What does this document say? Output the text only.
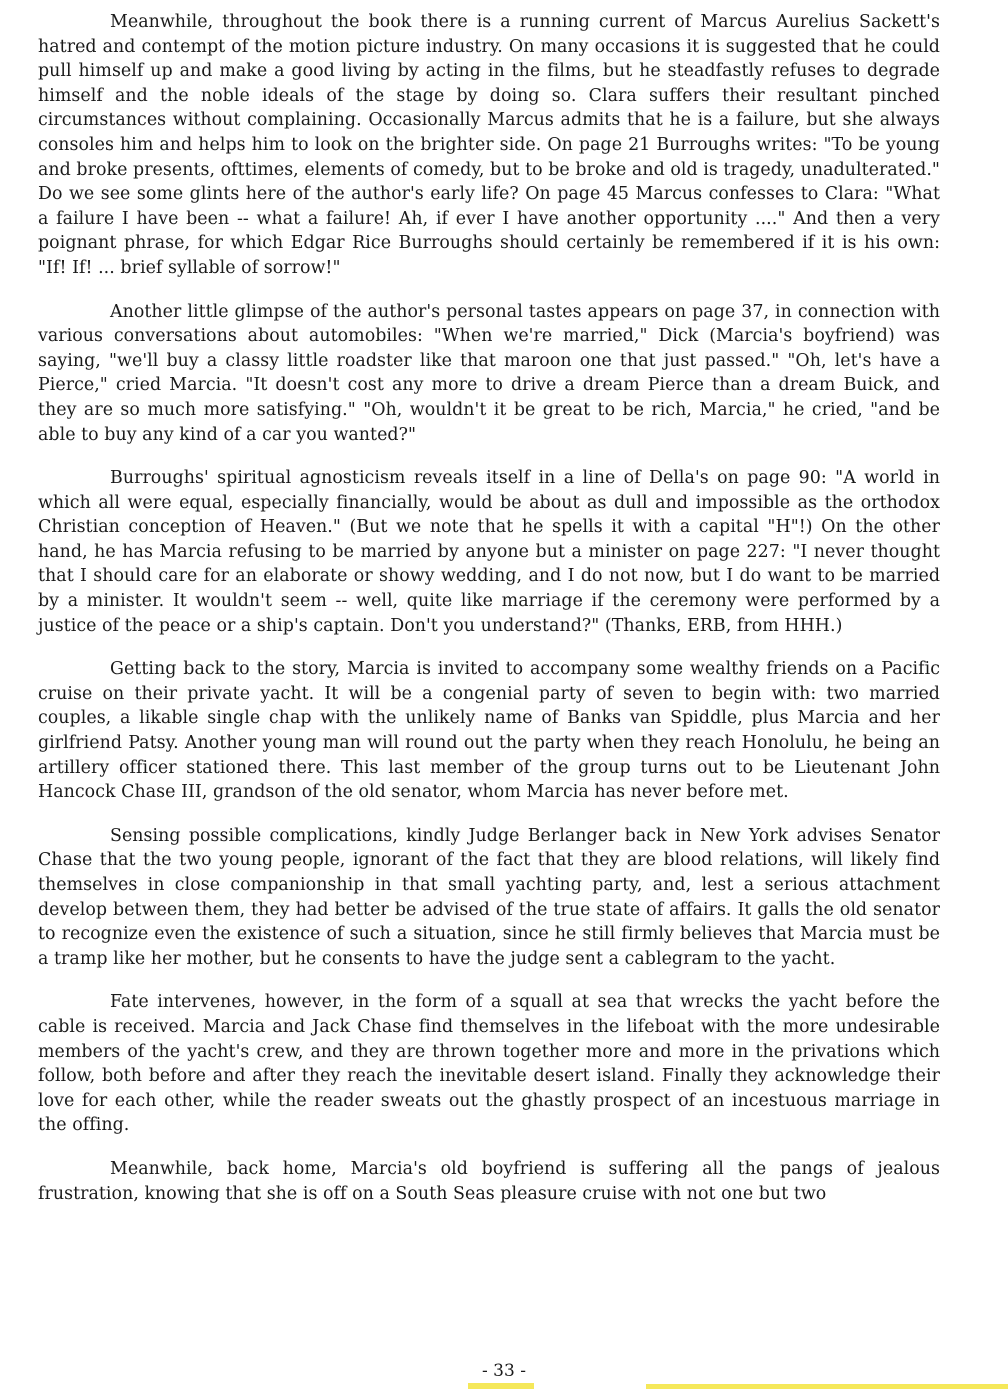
Meanwhile, throughout the book there is a running current of Marcus Aurelius Sackett's hatred and contempt of the motion picture industry. On many occasions it is suggested that he could pull himself up and make a good living by acting in the films, but he steadfastly refuses to degrade himself and the noble ideals of the stage by doing so. Clara suffers their resultant pinched circumstances without complaining. Occasionally Marcus admits that he is a failure, but she always consoles him and helps him to look on the brighter side. On page 21 Burroughs writes: "To be young and broke presents, ofttimes, elements of comedy, but to be broke and old is tragedy, unadulterated." Do we see some glints here of the author's early life? On page 45 Marcus confesses to Clara: "What a failure I have been -- what a failure! Ah, if ever I have another opportunity ...." And then a very poignant phrase, for which Edgar Rice Burroughs should certainly be remembered if it is his own: "If! If! ... brief syllable of sorrow!"

Another little glimpse of the author's personal tastes appears on page 37, in connection with various conversations about automobiles: "When we're married," Dick (Marcia's boyfriend) was saying, "we'll buy a classy little roadster like that maroon one that just passed." "Oh, let's have a Pierce," cried Marcia. "It doesn't cost any more to drive a dream Pierce than a dream Buick, and they are so much more satisfying." "Oh, wouldn't it be great to be rich, Marcia," he cried, "and be able to buy any kind of a car you wanted?"

Burroughs' spiritual agnosticism reveals itself in a line of Della's on page 90: "A world in which all were equal, especially financially, would be about as dull and impossible as the orthodox Christian conception of Heaven." (But we note that he spells it with a capital "H"!) On the other hand, he has Marcia refusing to be married by anyone but a minister on page 227: "I never thought that I should care for an elaborate or showy wedding, and I do not now, but I do want to be married by a minister. It wouldn't seem -- well, quite like marriage if the ceremony were performed by a justice of the peace or a ship's captain. Don't you understand?" (Thanks, ERB, from HHH.)

Getting back to the story, Marcia is invited to accompany some wealthy friends on a Pacific cruise on their private yacht. It will be a congenial party of seven to begin with: two married couples, a likable single chap with the unlikely name of Banks van Spiddle, plus Marcia and her girlfriend Patsy. Another young man will round out the party when they reach Honolulu, he being an artillery officer stationed there. This last member of the group turns out to be Lieutenant John Hancock Chase III, grandson of the old senator, whom Marcia has never before met.

Sensing possible complications, kindly Judge Berlanger back in New York advises Senator Chase that the two young people, ignorant of the fact that they are blood relations, will likely find themselves in close companionship in that small yachting party, and, lest a serious attachment develop between them, they had better be advised of the true state of affairs. It galls the old senator to recognize even the existence of such a situation, since he still firmly believes that Marcia must be a tramp like her mother, but he consents to have the judge sent a cablegram to the yacht.

Fate intervenes, however, in the form of a squall at sea that wrecks the yacht before the cable is received. Marcia and Jack Chase find themselves in the lifeboat with the more undesirable members of the yacht's crew, and they are thrown together more and more in the privations which follow, both before and after they reach the inevitable desert island. Finally they acknowledge their love for each other, while the reader sweats out the ghastly prospect of an incestuous marriage in the offing.

Meanwhile, back home, Marcia's old boyfriend is suffering all the pangs of jealous frustration, knowing that she is off on a South Seas pleasure cruise with not one but two

- 33 -
